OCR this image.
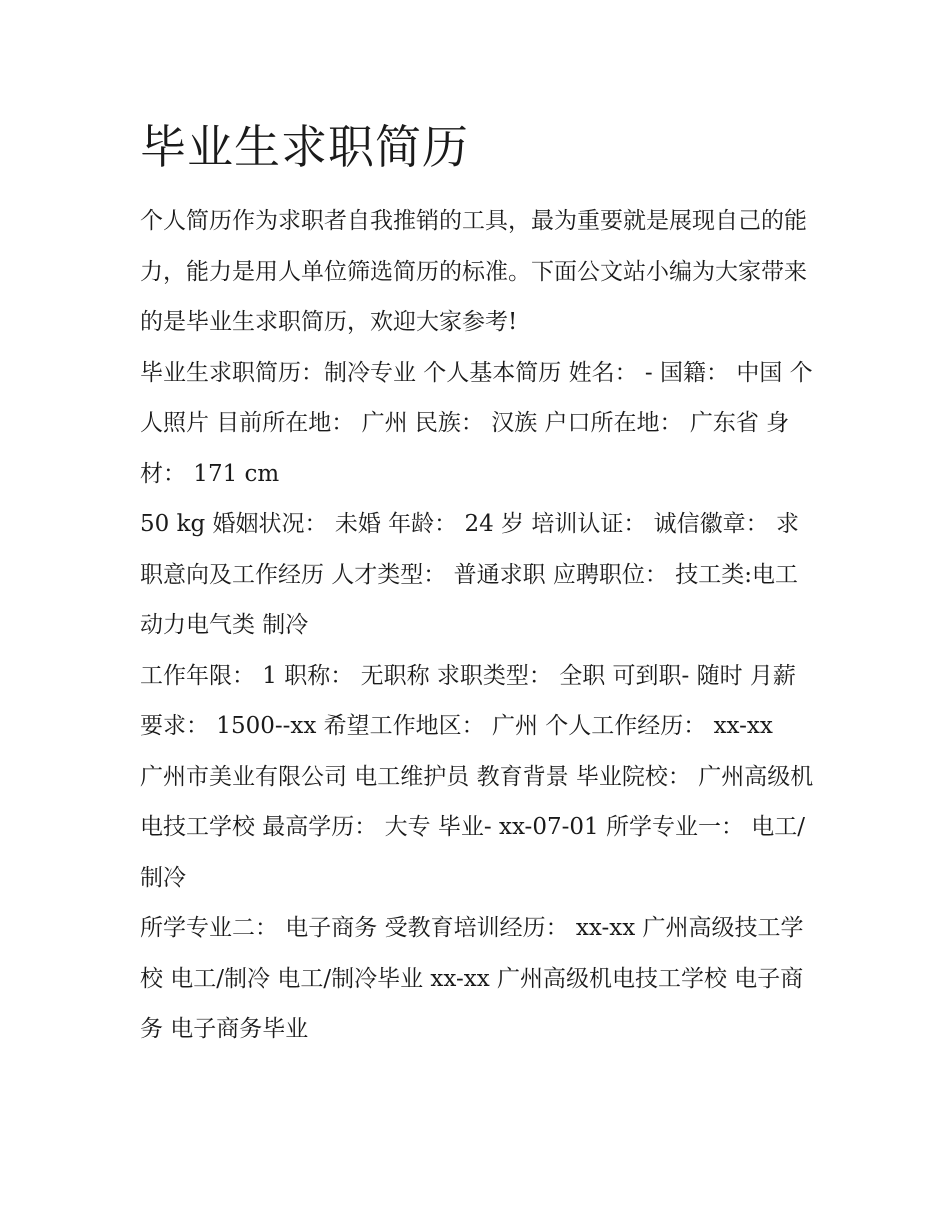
毕业生求职简历

个人简历作为求职者自我推销的工具，最为重要就是展现自己的能力，能力是用人单位筛选简历的标准。下面公文站小编为大家带来的是毕业生求职简历，欢迎大家参考!

毕业生求职简历：制冷专业 个人基本简历 姓名： - 国籍： 中国 个人照片 目前所在地： 广州 民族： 汉族 户口所在地： 广东省 身材： 171 cm

50 kg 婚姻状况： 未婚 年龄： 24 岁 培训认证： 诚信徽章： 求职意向及工作经历 人才类型： 普通求职 应聘职位： 技工类:电工 动力电气类 制冷

工作年限： 1 职称： 无职称 求职类型： 全职 可到职- 随时 月薪要求： 1500--xx 希望工作地区： 广州 个人工作经历： xx-xx

广州市美业有限公司 电工维护员 教育背景 毕业院校： 广州高级机电技工学校 最高学历： 大专 毕业- xx-07-01 所学专业一： 电工/制冷

所学专业二： 电子商务 受教育培训经历： xx-xx 广州高级技工学校 电工/制冷 电工/制冷毕业 xx-xx 广州高级机电技工学校 电子商务 电子商务毕业
